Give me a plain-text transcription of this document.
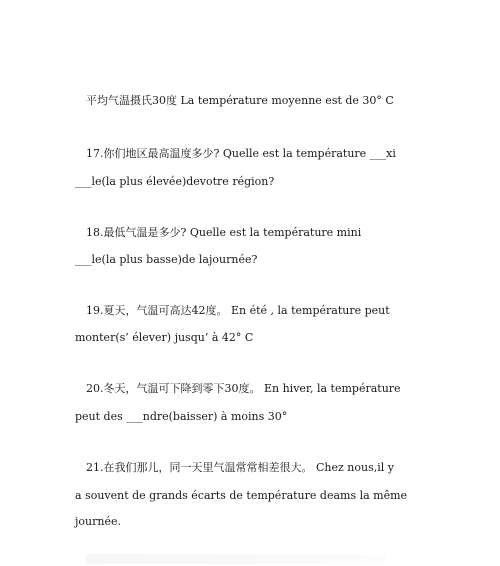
平均气温摄氏30度 La température moyenne est de 30° C
17.你们地区最高温度多少? Quelle est la température ___xi
___le(la plus élevée)devotre région?
18.最低气温是多少? Quelle est la température mini
___le(la plus basse)de lajournée?
19.夏天，气温可高达42度。 En été , la température peut
monter(s’ élever) jusqu’ à 42° C
20.冬天，气温可下降到零下30度。 En hiver, la température
peut des ___ndre(baisser) à moins 30°
21.在我们那儿，同一天里气温常常相差很大。 Chez nous,il y
a souvent de grands écarts de température deams la même
journée.
